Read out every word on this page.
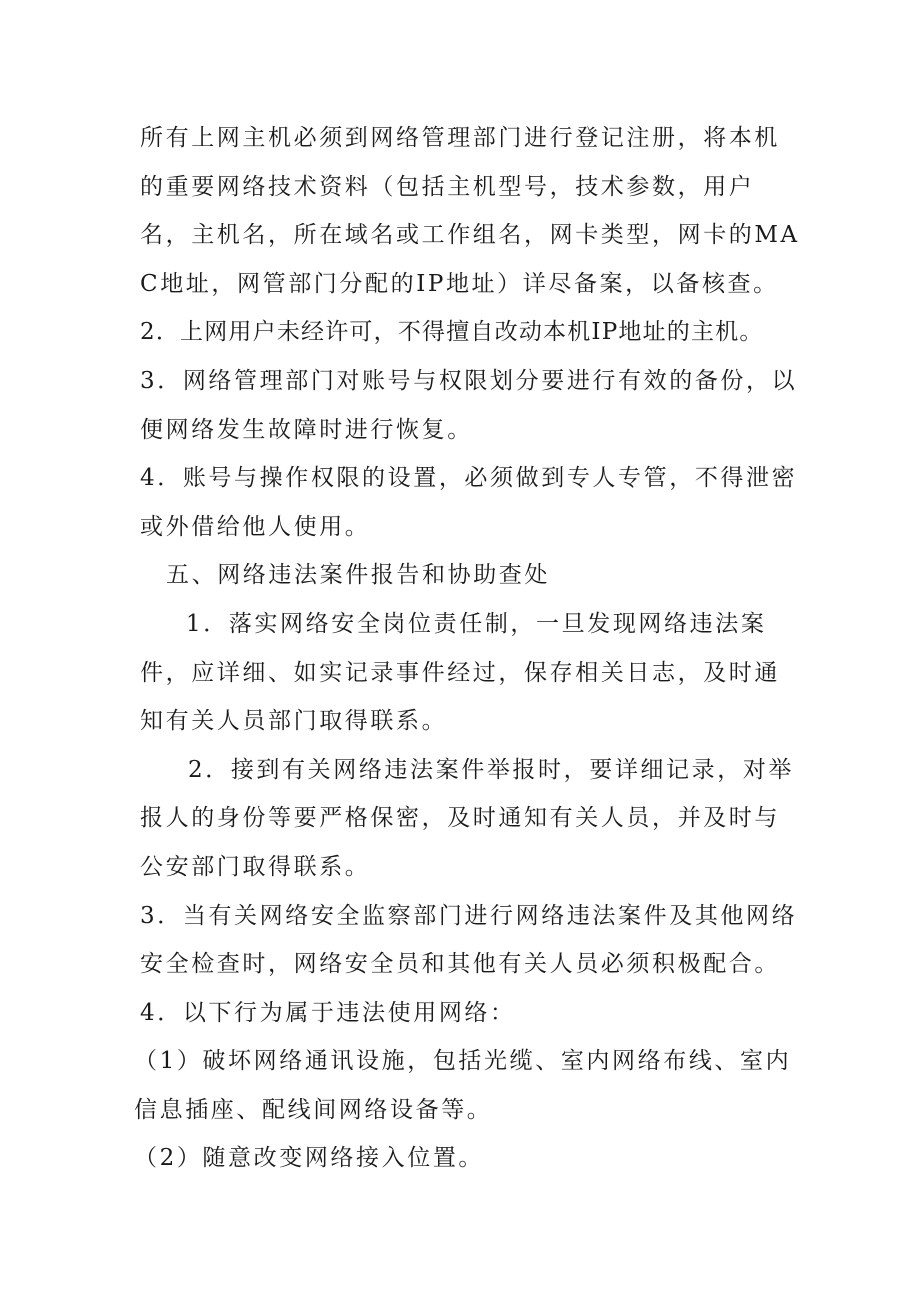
所有上网主机必须到网络管理部门进行登记注册，将本机的重要网络技术资料（包括主机型号，技术参数，用户名，主机名，所在域名或工作组名，网卡类型，网卡的MAC地址，网管部门分配的IP地址）详尽备案，以备核查。

2．上网用户未经许可，不得擅自改动本机IP地址的主机。

3．网络管理部门对账号与权限划分要进行有效的备份，以便网络发生故障时进行恢复。

4．账号与操作权限的设置，必须做到专人专管，不得泄密或外借给他人使用。

五、网络违法案件报告和协助查处

1．落实网络安全岗位责任制，一旦发现网络违法案件，应详细、如实记录事件经过，保存相关日志，及时通知有关人员部门取得联系。

2．接到有关网络违法案件举报时，要详细记录，对举报人的身份等要严格保密，及时通知有关人员，并及时与公安部门取得联系。

3．当有关网络安全监察部门进行网络违法案件及其他网络安全检查时，网络安全员和其他有关人员必须积极配合。

4．以下行为属于违法使用网络：

（1）破坏网络通讯设施，包括光缆、室内网络布线、室内信息插座、配线间网络设备等。

（2）随意改变网络接入位置。
